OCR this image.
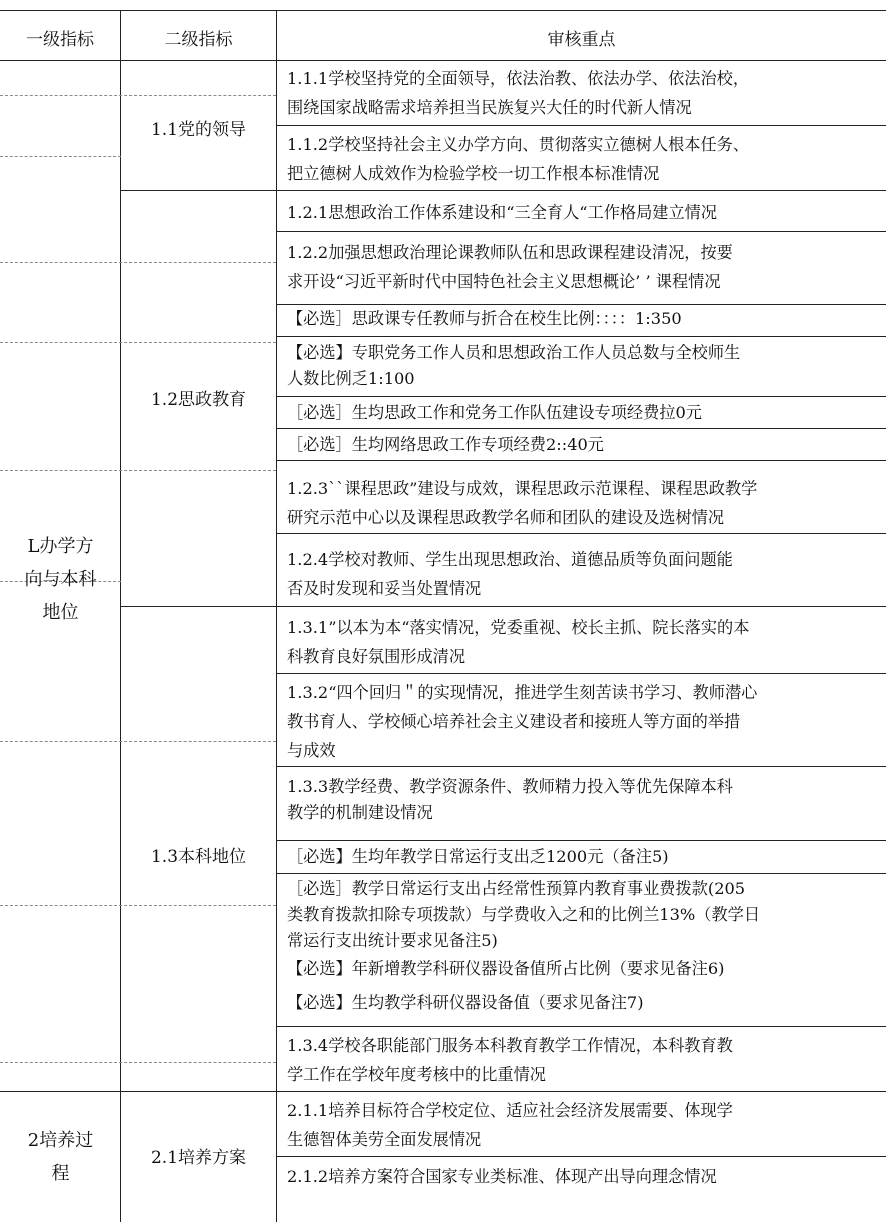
一级指标	二级指标	审核重点
L办学方
向与本科
地位
2培养过
程
1.1党的领导
1.2思政教育
1.3本科地位
2.1培养方案
1.1.1学校坚持党的全面领导，依法治教、依法办学、依法治校，
围绕国家战略需求培养担当民族复兴大任的时代新人情况
1.1.2学校坚持社会主义办学方向、贯彻落实立德树人根本任务、
把立德树人成效作为检验学校一切工作根本标准情况
1.2.1思想政治工作体系建设和“三全育人“工作格局建立情况
1.2.2加强思想政治理论课教师队伍和思政课程建设清况，按要
求开设“习近平新时代中国特色社会主义思想概论’ ’ 课程情况
【必选］思政课专任教师与折合在校生比例：：：：1:350
【必选】专职党务工作人员和思想政治工作人员总数与全校师生
人数比例乏1:100
［必选］生均思政工作和党务工作队伍建设专项经费拉0元
［必选］生均网络思政工作专项经费2::40元
1.2.3``课程思政”建设与成效，课程思政示范课程、课程思政教学
研究示范中心以及课程思政教学名师和团队的建设及选树情况
1.2.4学校对教师、学生出现思想政治、道德品质等负面问题能
否及时发现和妥当处置情况
1.3.1”以本为本“落实情况，党委重视、校长主抓、院长落实的本
科教育良好氛围形成清况
1.3.2“四个回归＂的实现情况，推进学生刻苦读书学习、教师潜心
教书育人、学校倾心培养社会主义建设者和接班人等方面的举措
与成效
1.3.3教学经费、教学资源条件、教师精力投入等优先保障本科
教学的机制建设情况
［必选】生均年教学日常运行支出乏1200元（备注5)
［必选］教学日常运行支出占经常性预算内教育事业费拨款(205
类教育拨款扣除专项拨款）与学费收入之和的比例兰13%（教学日
常运行支出统计要求见备注5)
【必选】年新增教学科研仪器设备值所占比例（要求见备注6)
【必选】生均教学科研仪器设备值（要求见备注7)
1.3.4学校各职能部门服务本科教育教学工作情况，本科教育教
学工作在学校年度考核中的比重情况
2.1.1培养目标符合学校定位、适应社会经济发展需要、体现学
生德智体美劳全面发展情况
2.1.2培养方案符合国家专业类标准、体现产出导向理念情况
